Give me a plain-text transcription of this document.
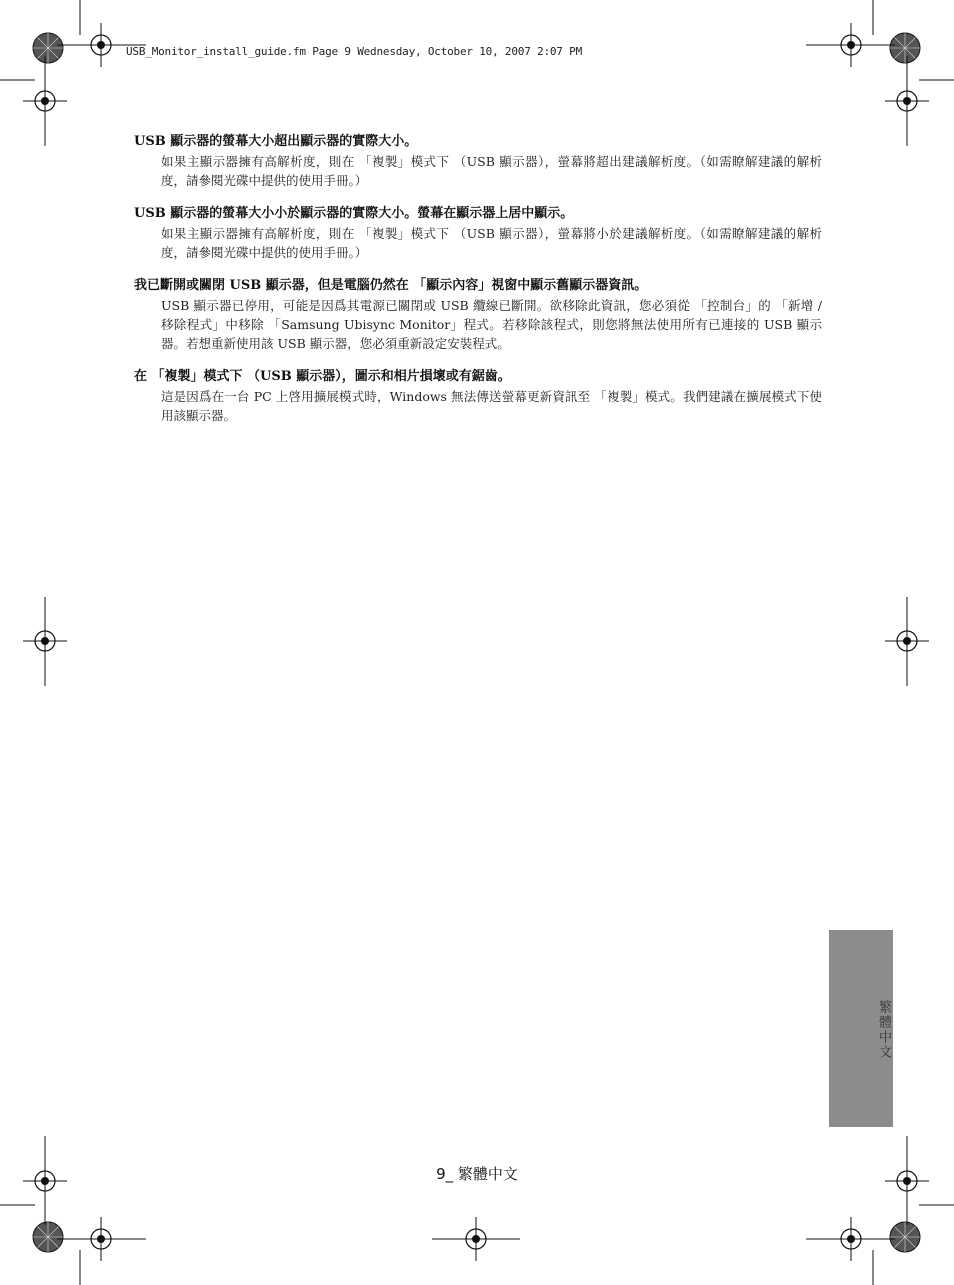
USB_Monitor_install_guide.fm Page 9 Wednesday, October 10, 2007 2:07 PM

USB 顯示器的螢幕大小超出顯示器的實際大小。

如果主顯示器擁有高解析度，則在 「複製」模式下 （USB 顯示器），螢幕將超出建議解析度。（如需瞭解建議的解析度，請參閱光碟中提供的使用手冊。）

USB 顯示器的螢幕大小小於顯示器的實際大小。螢幕在顯示器上居中顯示。

如果主顯示器擁有高解析度，則在 「複製」模式下 （USB 顯示器），螢幕將小於建議解析度。（如需瞭解建議的解析度，請參閱光碟中提供的使用手冊。）

我已斷開或關閉 USB 顯示器，但是電腦仍然在 「顯示內容」視窗中顯示舊顯示器資訊。

USB 顯示器已停用，可能是因爲其電源已關閉或 USB 纜線已斷開。欲移除此資訊，您必須從 「控制台」的 「新增 / 移除程式」中移除 「Samsung Ubisync Monitor」程式。若移除該程式，則您將無法使用所有已連接的 USB 顯示器。若想重新使用該 USB 顯示器，您必須重新設定安裝程式。

在 「複製」模式下 （USB 顯示器），圖示和相片損壞或有鋸齒。

這是因爲在一台 PC 上啓用擴展模式時，Windows 無法傳送螢幕更新資訊至 「複製」模式。我們建議在擴展模式下使用該顯示器。

繁體中文
9_ 繁體中文
